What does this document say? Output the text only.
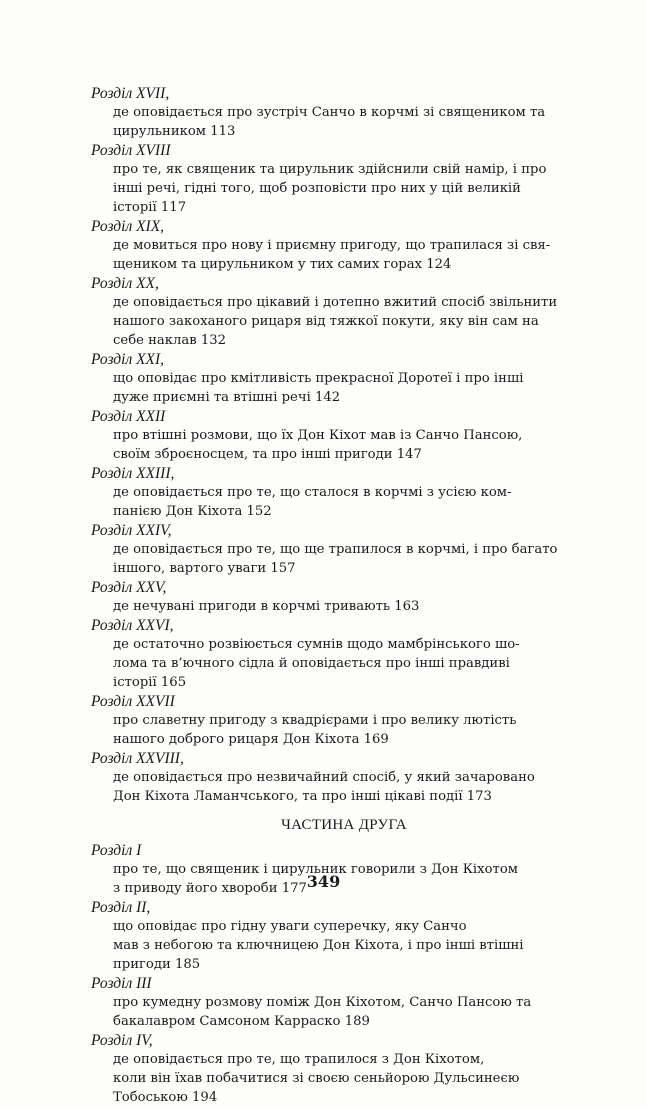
Розділ XVII,
де оповідається про зустріч Санчо в корчмі зі священиком та
цирульником 113
Розділ XVIII
про те, як священик та цирульник здійснили свій намір, і про
інші речі, гідні того, щоб розповісти про них у цій великій
історії 117
Розділ XIX,
де мовиться про нову і приємну пригоду, що трапилася зі свя-
щеником та цирульником у тих самих горах 124
Розділ XX,
де оповідається про цікавий і дотепно вжитий спосіб звільнити
нашого закоханого рицаря від тяжкої покути, яку він сам на
себе наклав 132
Розділ XXI,
що оповідає про кмітливість прекрасної Доротеї і про інші
дуже приємні та втішні речі 142
Розділ XXII
про втішні розмови, що їх Дон Кіхот мав із Санчо Пансою,
своїм зброєносцем, та про інші пригоди 147
Розділ XXIII,
де оповідається про те, що сталося в корчмі з усією ком-
панією Дон Кіхота 152
Розділ XXIV,
де оповідається про те, що ще трапилося в корчмі, і про багато
іншого, вартого уваги 157
Розділ XXV,
де нечувані пригоди в корчмі тривають 163
Розділ XXVI,
де остаточно розвіюється сумнів щодо мамбрінського шо-
лома та в’ючного сідла й оповідається про інші правдиві
історії 165
Розділ XXVII
про славетну пригоду з квадрієрами і про велику лютість
нашого доброго рицаря Дон Кіхота 169
Розділ XXVIII,
де оповідається про незвичайний спосіб, у який зачаровано
Дон Кіхота Ламанчського, та про інші цікаві події 173
ЧАСТИНА ДРУГА
Розділ I
про те, що священик і цирульник говорили з Дон Кіхотом
з приводу його хвороби 177
Розділ II,
що оповідає про гідну уваги суперечку, яку Санчо
мав з небогою та ключницею Дон Кіхота, і про інші втішні
пригоди 185
Розділ III
про кумедну розмову поміж Дон Кіхотом, Санчо Пансою та
бакалавром Самсоном Карраско 189
Розділ IV,
де оповідається про те, що трапилося з Дон Кіхотом,
коли він їхав побачитися зі своєю сеньйорою Дульсинеєю
Тобоською 194
349
